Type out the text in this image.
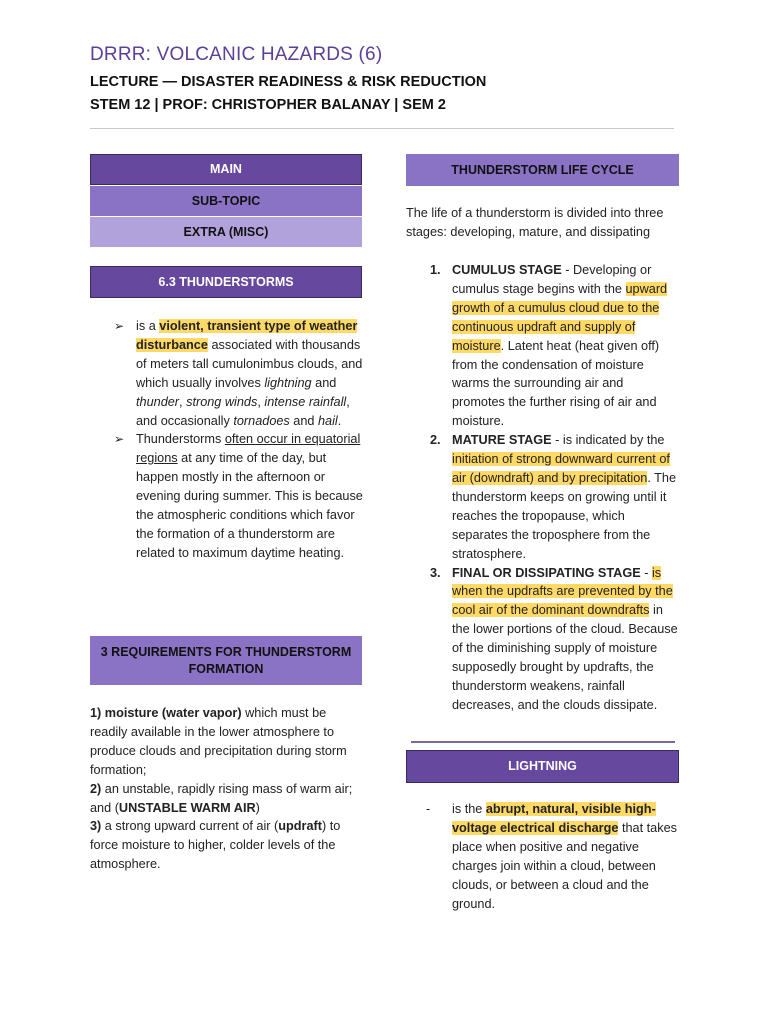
DRRR: VOLCANIC HAZARDS (6)
LECTURE — DISASTER READINESS & RISK REDUCTION
STEM 12 | PROF: CHRISTOPHER BALANAY | SEM 2
MAIN
SUB-TOPIC
EXTRA (MISC)
6.3 THUNDERSTORMS
➢ is a violent, transient type of weather disturbance associated with thousands of meters tall cumulonimbus clouds, and which usually involves lightning and thunder, strong winds, intense rainfall, and occasionally tornadoes and hail.
➢ Thunderstorms often occur in equatorial regions at any time of the day, but happen mostly in the afternoon or evening during summer. This is because the atmospheric conditions which favor the formation of a thunderstorm are related to maximum daytime heating.
3 REQUIREMENTS FOR THUNDERSTORM FORMATION
1) moisture (water vapor) which must be readily available in the lower atmosphere to produce clouds and precipitation during storm formation;
2) an unstable, rapidly rising mass of warm air; and (UNSTABLE WARM AIR)
3) a strong upward current of air (updraft) to force moisture to higher, colder levels of the atmosphere.
THUNDERSTORM LIFE CYCLE
The life of a thunderstorm is divided into three stages: developing, mature, and dissipating
1. CUMULUS STAGE - Developing or cumulus stage begins with the upward growth of a cumulus cloud due to the continuous updraft and supply of moisture. Latent heat (heat given off) from the condensation of moisture warms the surrounding air and promotes the further rising of air and moisture.
2. MATURE STAGE - is indicated by the initiation of strong downward current of air (downdraft) and by precipitation. The thunderstorm keeps on growing until it reaches the tropopause, which separates the troposphere from the stratosphere.
3. FINAL OR DISSIPATING STAGE - is when the updrafts are prevented by the cool air of the dominant downdrafts in the lower portions of the cloud. Because of the diminishing supply of moisture supposedly brought by updrafts, the thunderstorm weakens, rainfall decreases, and the clouds dissipate.
LIGHTNING
- is the abrupt, natural, visible high-voltage electrical discharge that takes place when positive and negative charges join within a cloud, between clouds, or between a cloud and the ground.
